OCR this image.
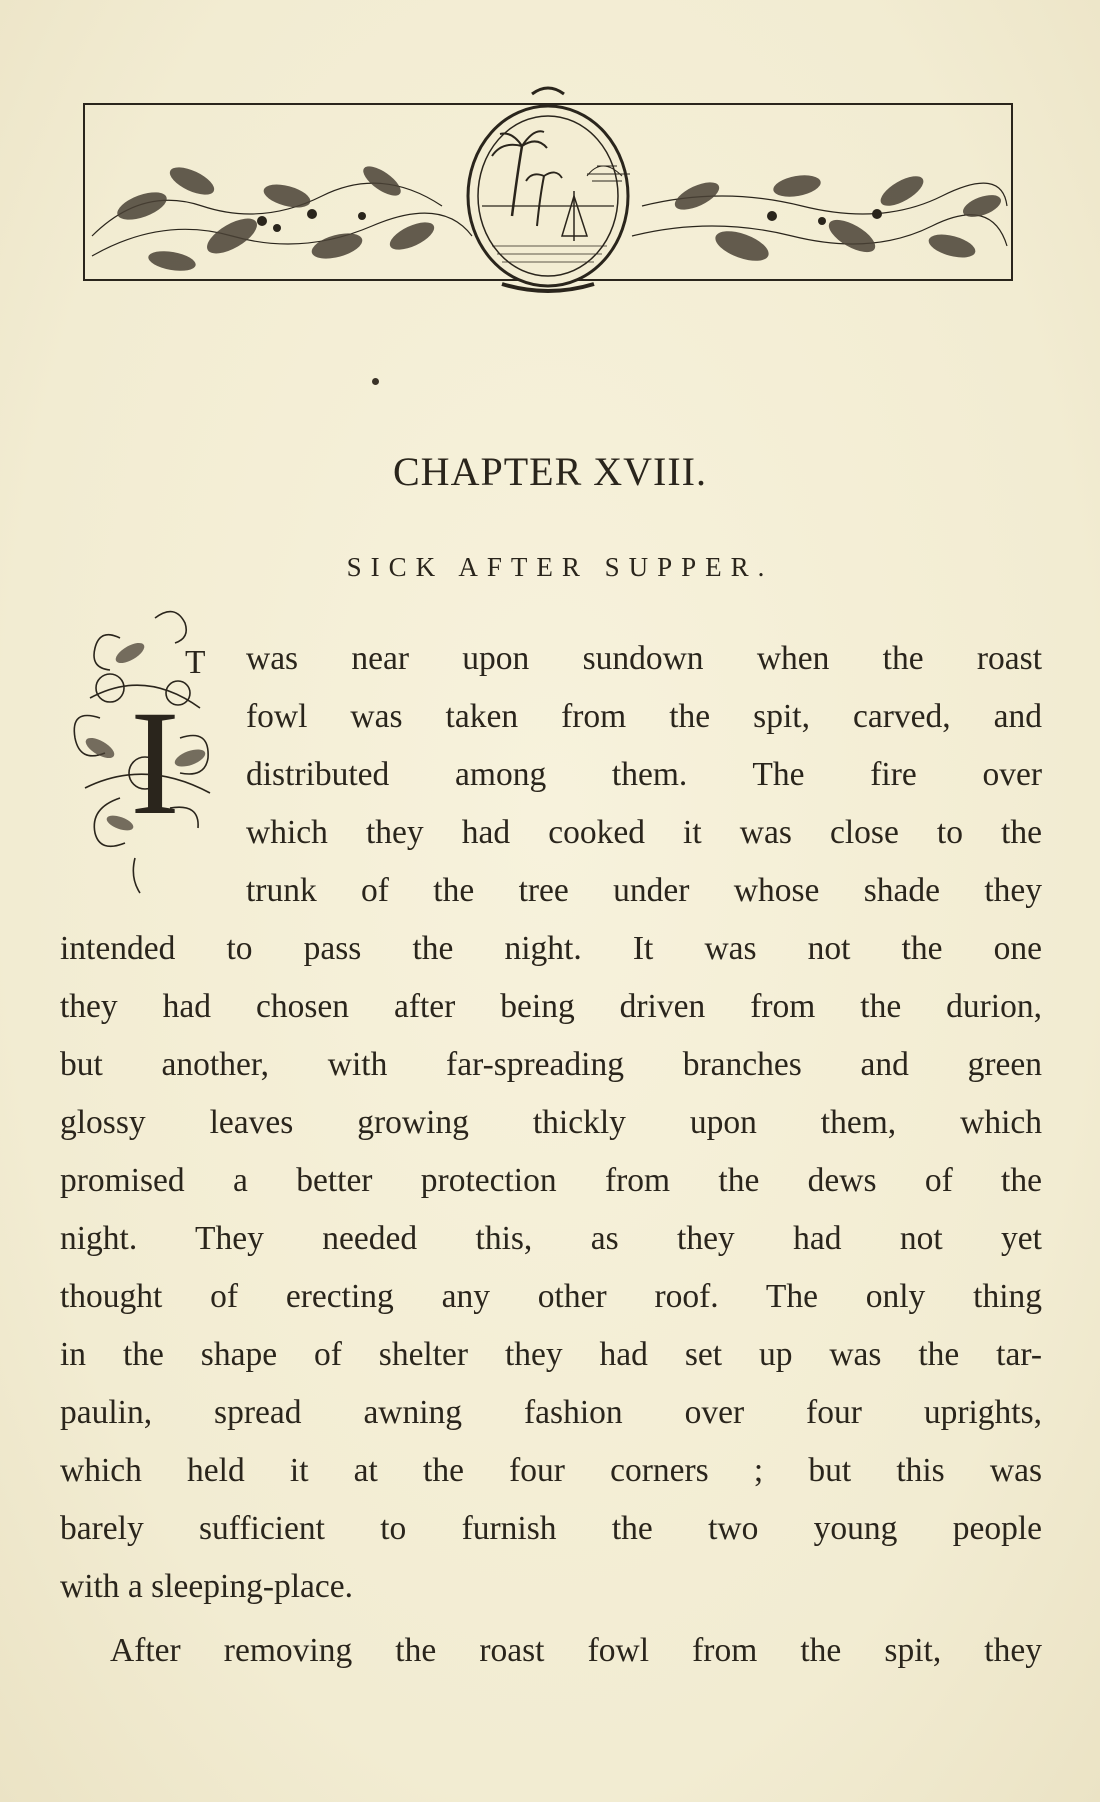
CHAPTER XVIII.
SICK AFTER SUPPER.
I
T was near upon sundown when the roast
fowl was taken from the spit, carved, and
distributed among them. The fire over
which they had cooked it was close to the
trunk of the tree under whose shade they
intended to pass the night. It was not the one
they had chosen after being driven from the durion,
but another, with far-spreading branches and green
glossy leaves growing thickly upon them, which
promised a better protection from the dews of the
night. They needed this, as they had not yet
thought of erecting any other roof. The only thing
in the shape of shelter they had set up was the tar-
paulin, spread awning fashion over four uprights,
which held it at the four corners ; but this was
barely sufficient to furnish the two young people
with a sleeping-place.
After removing the roast fowl from the spit, they
